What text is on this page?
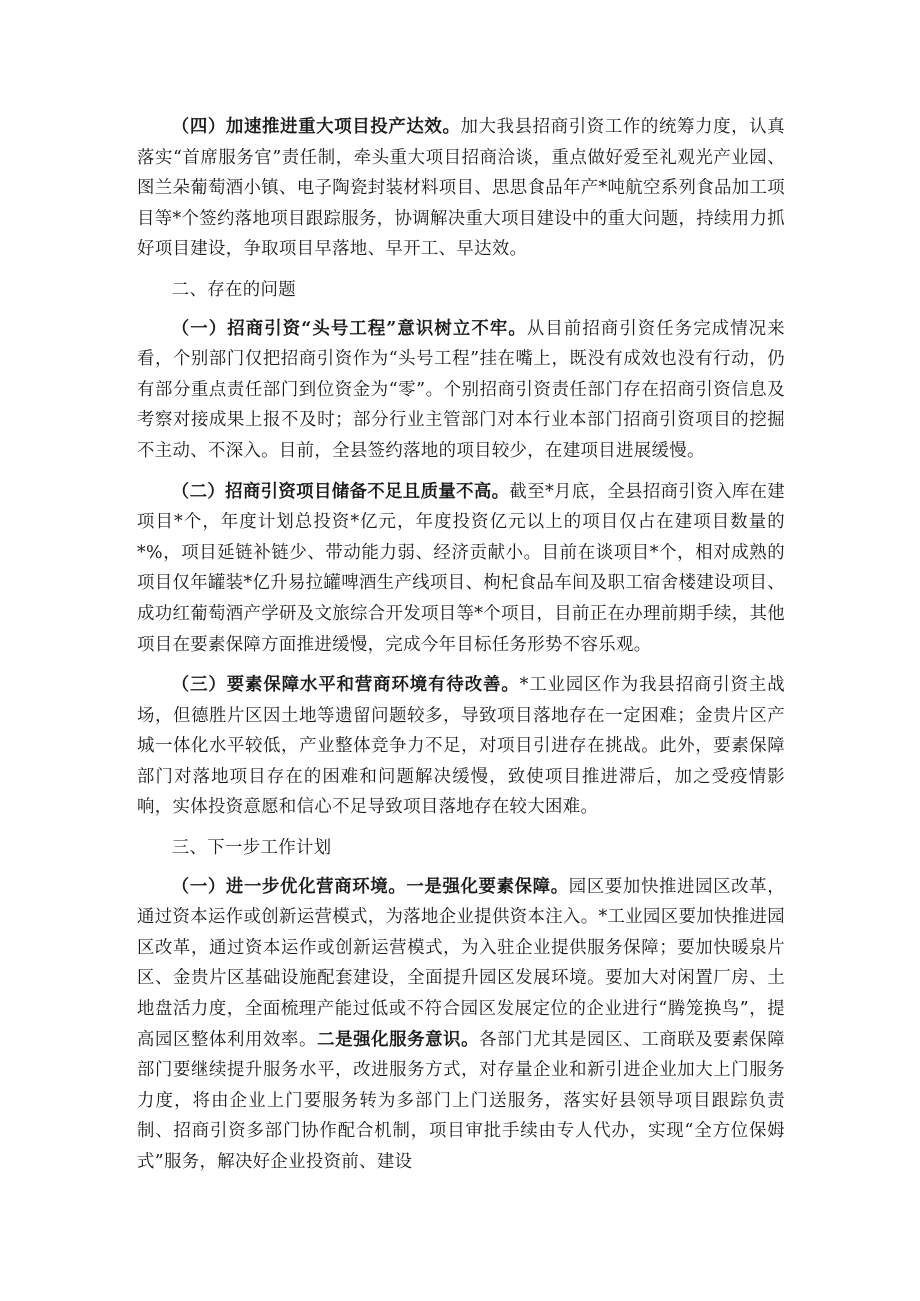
（四）加速推进重大项目投产达效。加大我县招商引资工作的统筹力度，认真落实“首席服务官”责任制，牵头重大项目招商洽谈，重点做好爱至礼观光产业园、图兰朵葡萄酒小镇、电子陶瓷封装材料项目、思思食品年产*吨航空系列食品加工项目等*个签约落地项目跟踪服务，协调解决重大项目建设中的重大问题，持续用力抓好项目建设，争取项目早落地、早开工、早达效。

二、存在的问题

（一）招商引资“头号工程”意识树立不牢。从目前招商引资任务完成情况来看，个别部门仅把招商引资作为“头号工程”挂在嘴上，既没有成效也没有行动，仍有部分重点责任部门到位资金为“零”。个别招商引资责任部门存在招商引资信息及考察对接成果上报不及时；部分行业主管部门对本行业本部门招商引资项目的挖掘不主动、不深入。目前，全县签约落地的项目较少，在建项目进展缓慢。

（二）招商引资项目储备不足且质量不高。截至*月底，全县招商引资入库在建项目*个，年度计划总投资*亿元，年度投资亿元以上的项目仅占在建项目数量的*%，项目延链补链少、带动能力弱、经济贡献小。目前在谈项目*个，相对成熟的项目仅年罐装*亿升易拉罐啤酒生产线项目、枸杞食品车间及职工宿舍楼建设项目、成功红葡萄酒产学研及文旅综合开发项目等*个项目，目前正在办理前期手续，其他项目在要素保障方面推进缓慢，完成今年目标任务形势不容乐观。

（三）要素保障水平和营商环境有待改善。*工业园区作为我县招商引资主战场，但德胜片区因土地等遗留问题较多，导致项目落地存在一定困难；金贵片区产城一体化水平较低，产业整体竞争力不足，对项目引进存在挑战。此外，要素保障部门对落地项目存在的困难和问题解决缓慢，致使项目推进滞后，加之受疫情影响，实体投资意愿和信心不足导致项目落地存在较大困难。

三、下一步工作计划

（一）进一步优化营商环境。一是强化要素保障。园区要加快推进园区改革，通过资本运作或创新运营模式，为落地企业提供资本注入。*工业园区要加快推进园区改革，通过资本运作或创新运营模式，为入驻企业提供服务保障；要加快暖泉片区、金贵片区基础设施配套建设，全面提升园区发展环境。要加大对闲置厂房、土地盘活力度，全面梳理产能过低或不符合园区发展定位的企业进行“腾笼换鸟”，提高园区整体利用效率。二是强化服务意识。各部门尤其是园区、工商联及要素保障部门要继续提升服务水平，改进服务方式，对存量企业和新引进企业加大上门服务力度，将由企业上门要服务转为多部门上门送服务，落实好县领导项目跟踪负责制、招商引资多部门协作配合机制，项目审批手续由专人代办，实现“全方位保姆式”服务，解决好企业投资前、建设
